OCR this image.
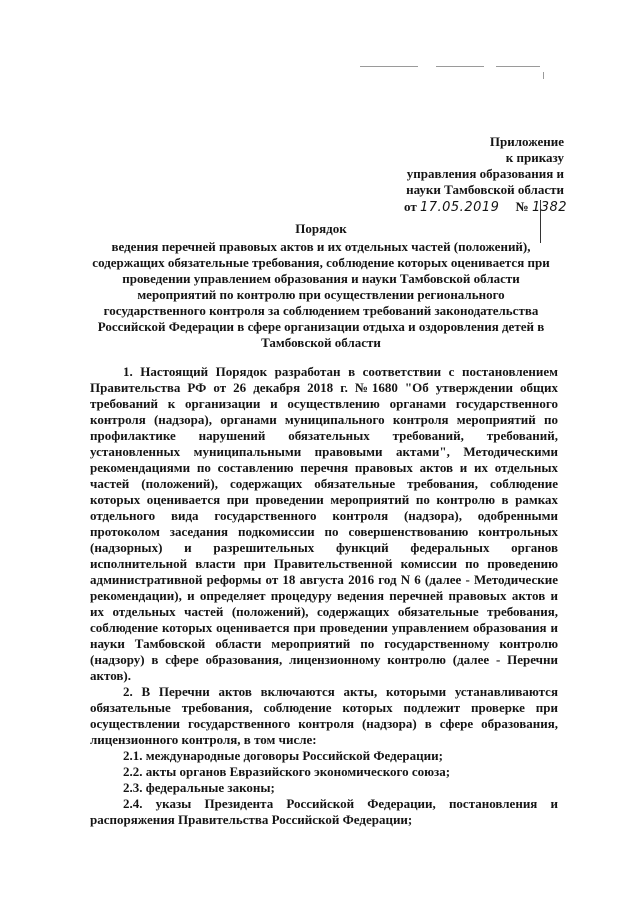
Приложение
к приказу
управления образования и
науки Тамбовской области
от 17.05.2019 № 1382
Порядок
ведения перечней правовых актов и их отдельных частей (положений), содержащих обязательные требования, соблюдение которых оценивается при проведении управлением образования и науки Тамбовской области мероприятий по контролю при осуществлении регионального государственного контроля за соблюдением требований законодательства Российской Федерации в сфере организации отдыха и оздоровления детей в Тамбовской области

1. Настоящий Порядок разработан в соответствии с постановлением Правительства РФ от 26 декабря 2018 г. №1680 "Об утверждении общих требований к организации и осуществлению органами государственного контроля (надзора), органами муниципального контроля мероприятий по профилактике нарушений обязательных требований, требований, установленных муниципальными правовыми актами", Методическими рекомендациями по составлению перечня правовых актов и их отдельных частей (положений), содержащих обязательные требования, соблюдение которых оценивается при проведении мероприятий по контролю в рамках отдельного вида государственного контроля (надзора), одобренными протоколом заседания подкомиссии по совершенствованию контрольных (надзорных) и разрешительных функций федеральных органов исполнительной власти при Правительственной комиссии по проведению административной реформы от 18 августа 2016 год N 6 (далее - Методические рекомендации), и определяет процедуру ведения перечней правовых актов и их отдельных частей (положений), содержащих обязательные требования, соблюдение которых оценивается при проведении управлением образования и науки Тамбовской области мероприятий по государственному контролю (надзору) в сфере образования, лицензионному контролю (далее - Перечни актов).

2. В Перечни актов включаются акты, которыми устанавливаются обязательные требования, соблюдение которых подлежит проверке при осуществлении государственного контроля (надзора) в сфере образования, лицензионного контроля, в том числе:

2.1. международные договоры Российской Федерации;

2.2. акты органов Евразийского экономического союза;

2.3. федеральные законы;

2.4. указы Президента Российской Федерации, постановления и распоряжения Правительства Российской Федерации;
